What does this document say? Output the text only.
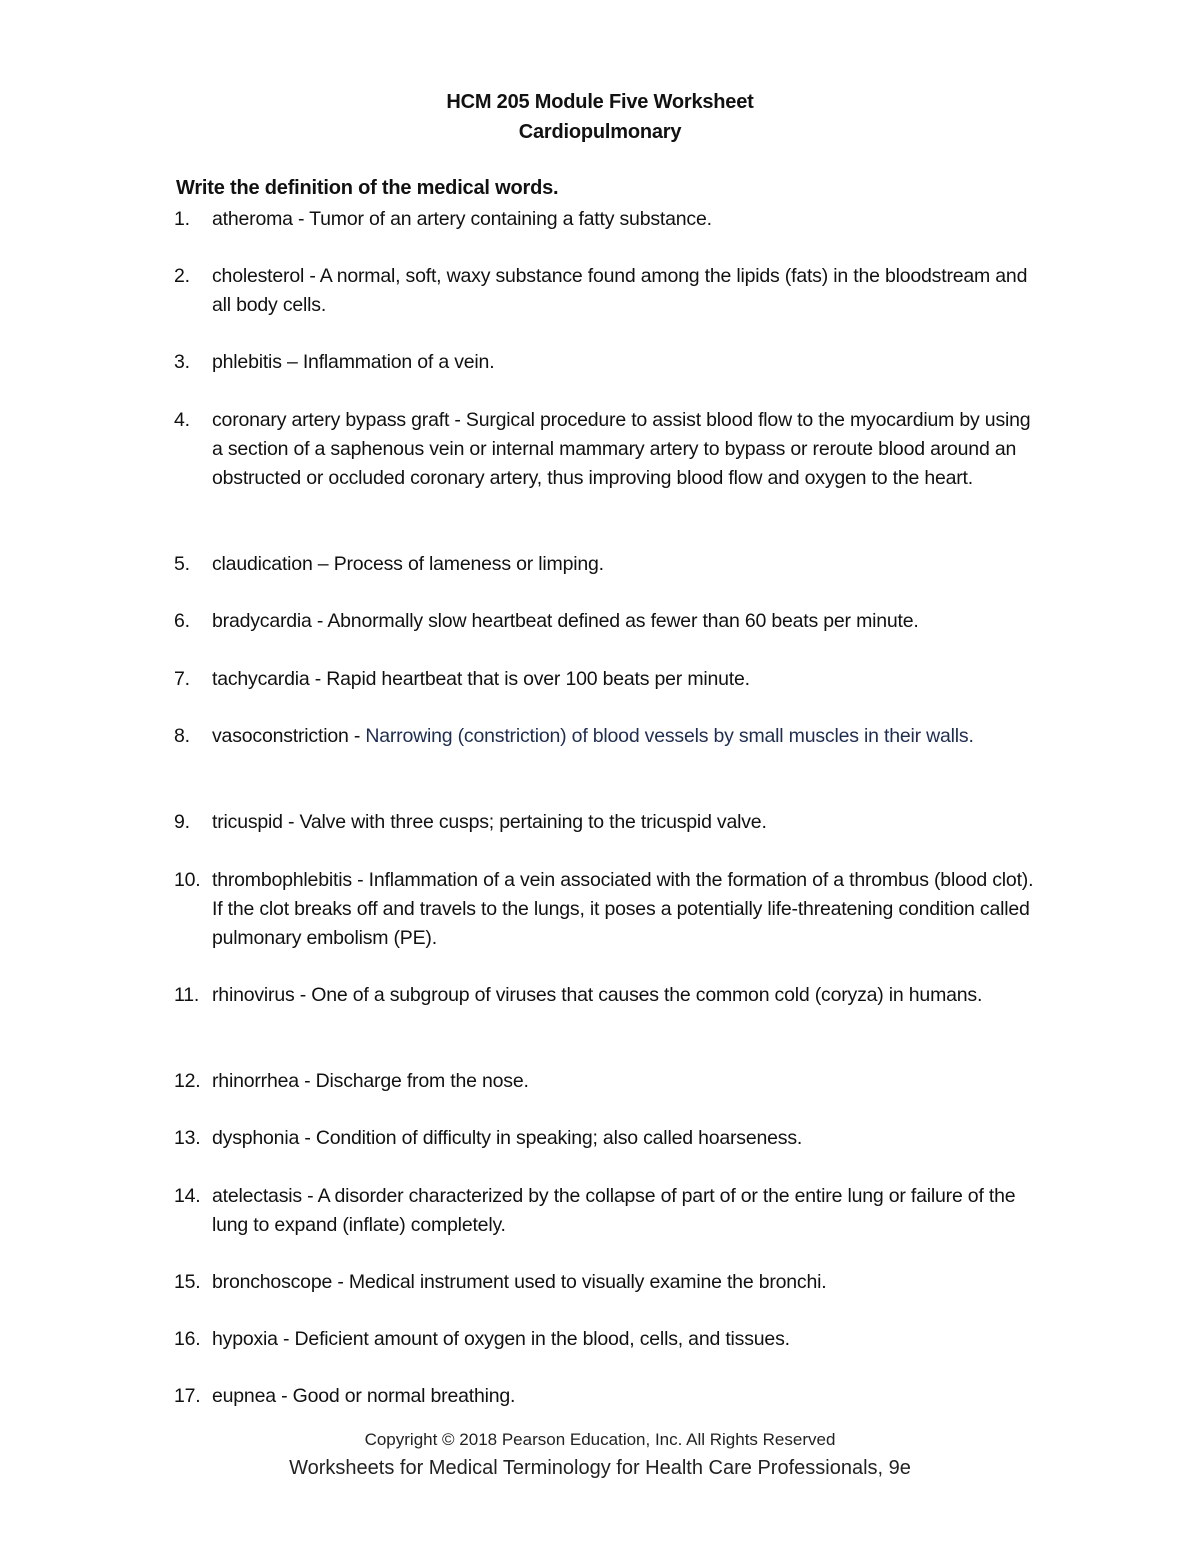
HCM 205 Module Five Worksheet
Cardiopulmonary
Write the definition of the medical words.
1. atheroma - Tumor of an artery containing a fatty substance.
2. cholesterol - A normal, soft, waxy substance found among the lipids (fats) in the bloodstream and all body cells.
3. phlebitis – Inflammation of a vein.
4. coronary artery bypass graft - Surgical procedure to assist blood flow to the myocardium by using a section of a saphenous vein or internal mammary artery to bypass or reroute blood around an obstructed or occluded coronary artery, thus improving blood flow and oxygen to the heart.
5. claudication – Process of lameness or limping.
6. bradycardia - Abnormally slow heartbeat defined as fewer than 60 beats per minute.
7. tachycardia - Rapid heartbeat that is over 100 beats per minute.
8. vasoconstriction - Narrowing (constriction) of blood vessels by small muscles in their walls.
9. tricuspid - Valve with three cusps; pertaining to the tricuspid valve.
10. thrombophlebitis - Inflammation of a vein associated with the formation of a thrombus (blood clot). If the clot breaks off and travels to the lungs, it poses a potentially life-threatening condition called pulmonary embolism (PE).
11. rhinovirus - One of a subgroup of viruses that causes the common cold (coryza) in humans.
12. rhinorrhea - Discharge from the nose.
13. dysphonia - Condition of difficulty in speaking; also called hoarseness.
14. atelectasis - A disorder characterized by the collapse of part of or the entire lung or failure of the lung to expand (inflate) completely.
15. bronchoscope - Medical instrument used to visually examine the bronchi.
16. hypoxia - Deficient amount of oxygen in the blood, cells, and tissues.
17. eupnea - Good or normal breathing.
Copyright © 2018 Pearson Education, Inc. All Rights Reserved
Worksheets for Medical Terminology for Health Care Professionals, 9e
